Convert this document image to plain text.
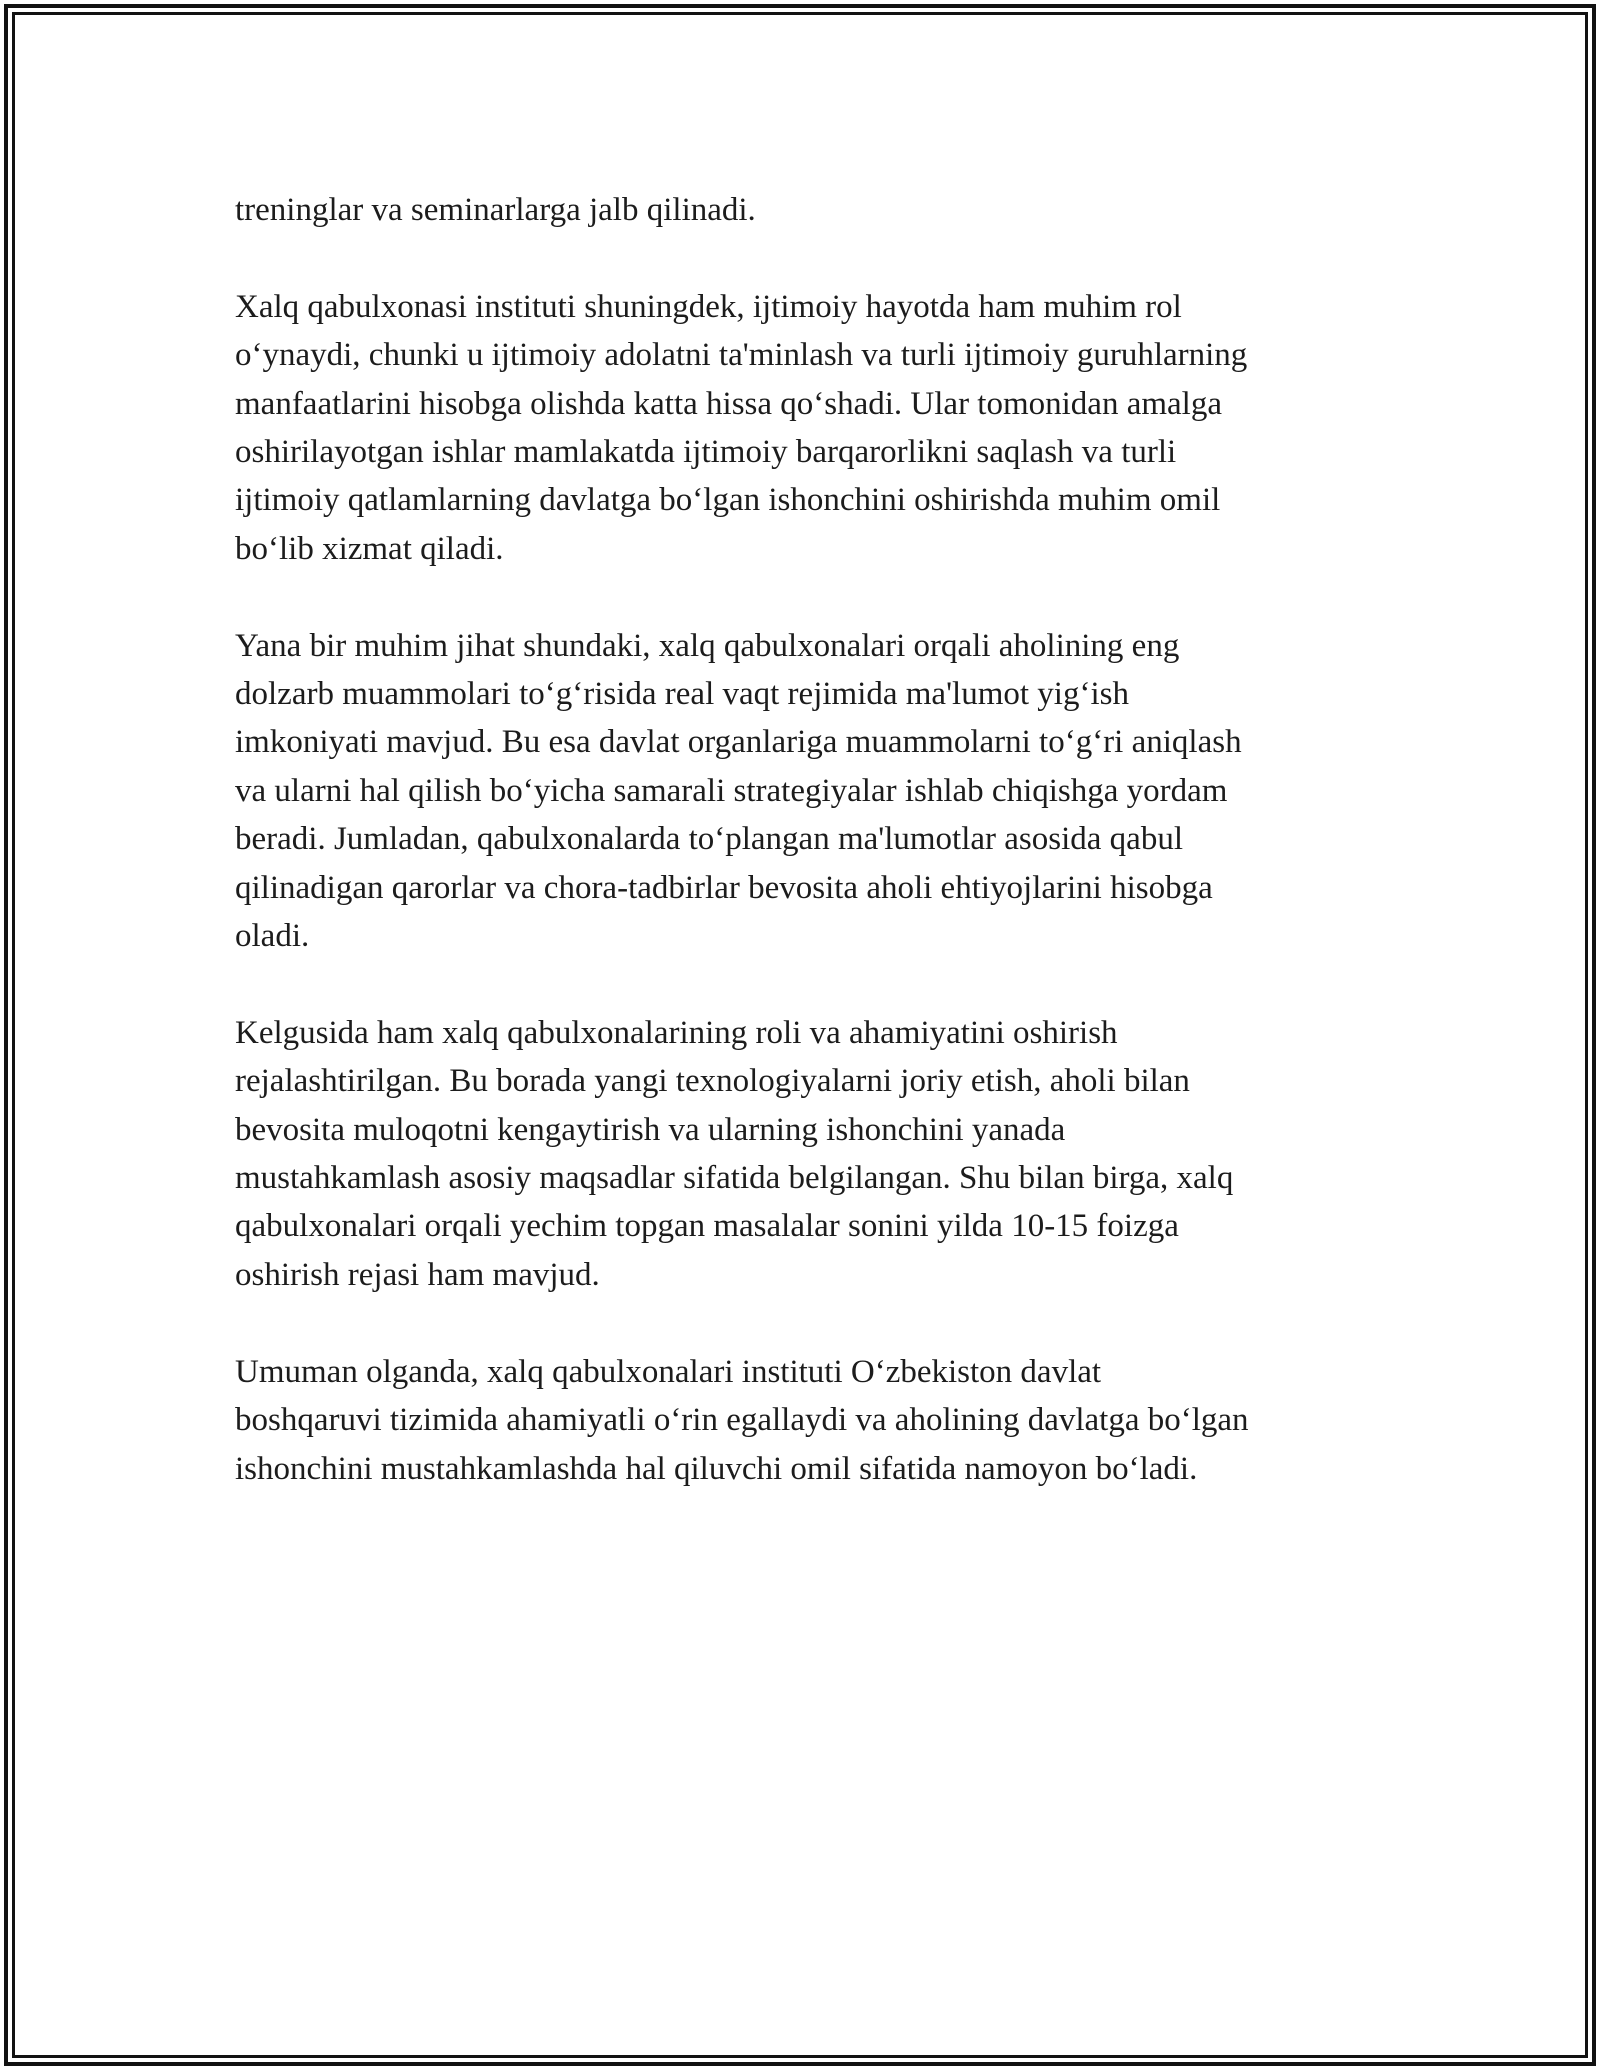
treninglar va seminarlarga jalb qilinadi.

Xalq qabulxonasi instituti shuningdek, ijtimoiy hayotda ham muhim rol
o‘ynaydi, chunki u ijtimoiy adolatni ta'minlash va turli ijtimoiy guruhlarning
manfaatlarini hisobga olishda katta hissa qo‘shadi. Ular tomonidan amalga
oshirilayotgan ishlar mamlakatda ijtimoiy barqarorlikni saqlash va turli
ijtimoiy qatlamlarning davlatga bo‘lgan ishonchini oshirishda muhim omil
bo‘lib xizmat qiladi.

Yana bir muhim jihat shundaki, xalq qabulxonalari orqali aholining eng
dolzarb muammolari to‘g‘risida real vaqt rejimida ma'lumot yig‘ish
imkoniyati mavjud. Bu esa davlat organlariga muammolarni to‘g‘ri aniqlash
va ularni hal qilish bo‘yicha samarali strategiyalar ishlab chiqishga yordam
beradi. Jumladan, qabulxonalarda to‘plangan ma'lumotlar asosida qabul
qilinadigan qarorlar va chora-tadbirlar bevosita aholi ehtiyojlarini hisobga
oladi.

Kelgusida ham xalq qabulxonalarining roli va ahamiyatini oshirish
rejalashtirilgan. Bu borada yangi texnologiyalarni joriy etish, aholi bilan
bevosita muloqotni kengaytirish va ularning ishonchini yanada
mustahkamlash asosiy maqsadlar sifatida belgilangan. Shu bilan birga, xalq
qabulxonalari orqali yechim topgan masalalar sonini yilda 10-15 foizga
oshirish rejasi ham mavjud.

Umuman olganda, xalq qabulxonalari instituti O‘zbekiston davlat
boshqaruvi tizimida ahamiyatli o‘rin egallaydi va aholining davlatga bo‘lgan
ishonchini mustahkamlashda hal qiluvchi omil sifatida namoyon bo‘ladi.
